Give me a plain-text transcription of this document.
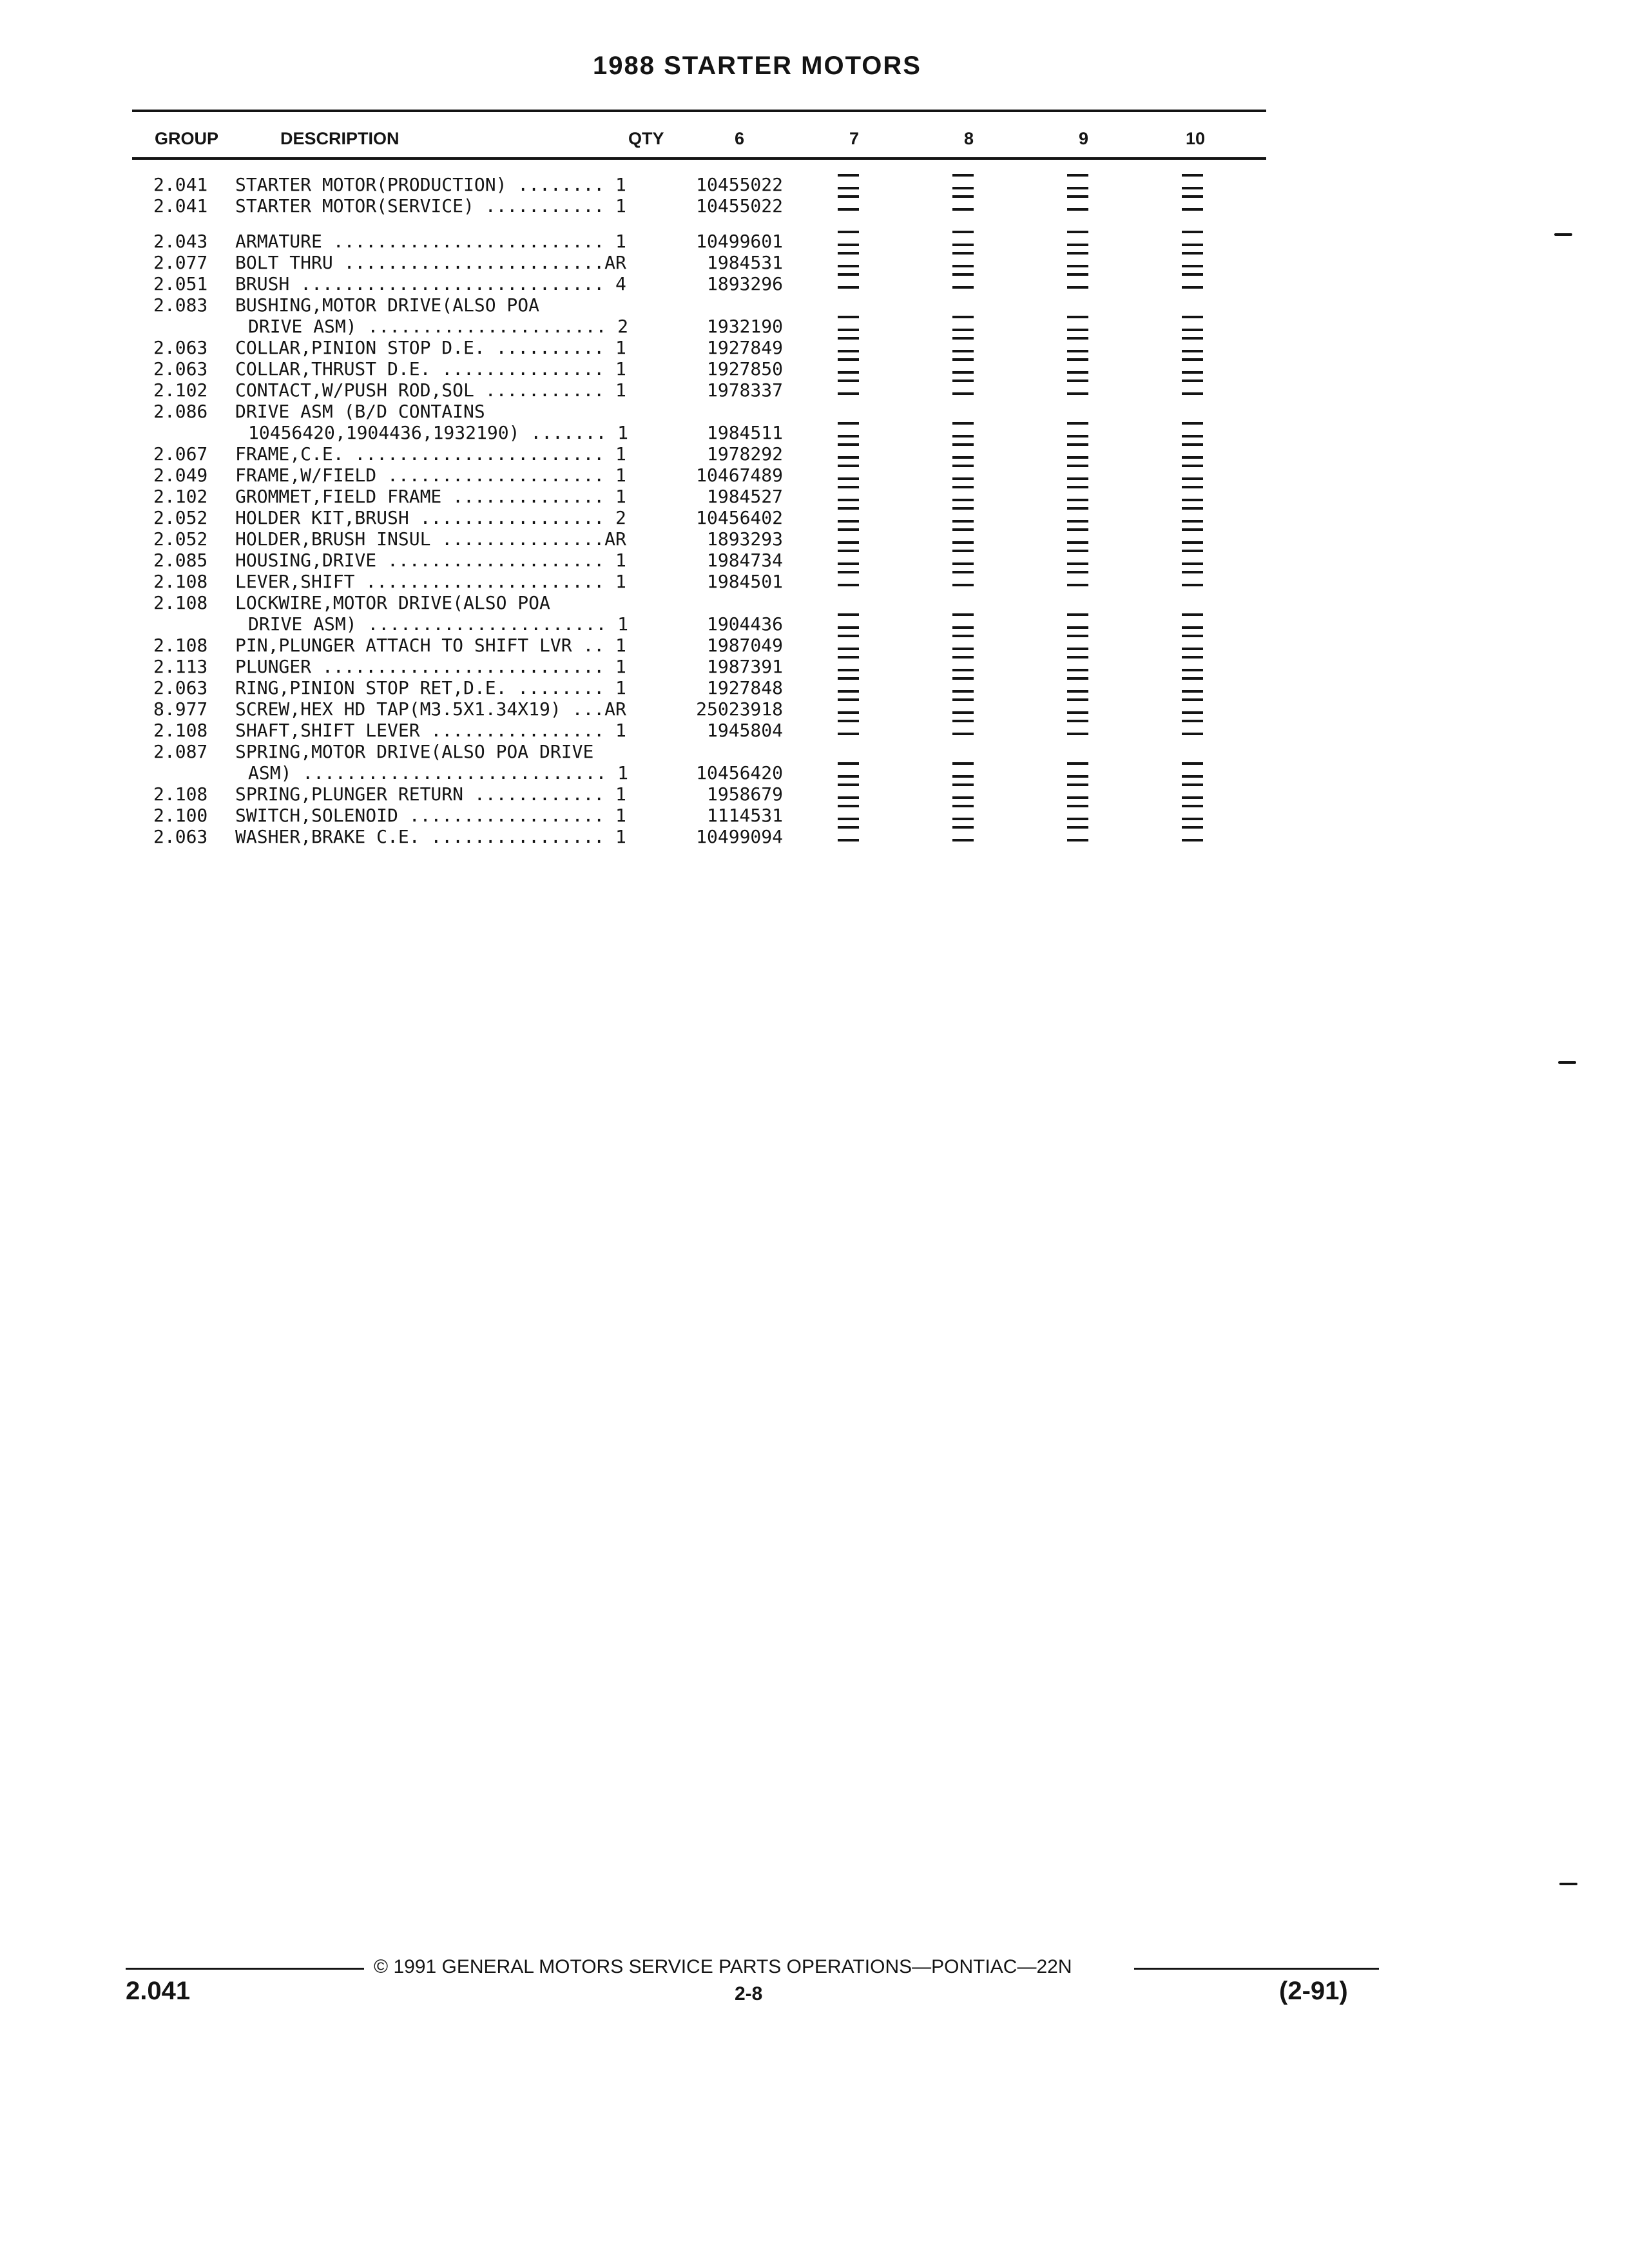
1988 STARTER MOTORS
GROUP	DESCRIPTION	QTY	6	7	8	9	10
2.041 STARTER MOTOR(PRODUCTION) ........ 1	10455022
2.041 STARTER MOTOR(SERVICE) ........... 1	10455022
2.043 ARMATURE ......................... 1	10499601
2.077 BOLT THRU ........................AR	1984531
2.051 BRUSH ............................ 4	1893296
2.083 BUSHING,MOTOR DRIVE(ALSO POA
DRIVE ASM) ...................... 2	1932190
2.063 COLLAR,PINION STOP D.E. .......... 1	1927849
2.063 COLLAR,THRUST D.E. ............... 1	1927850
2.102 CONTACT,W/PUSH ROD,SOL ........... 1	1978337
2.086 DRIVE ASM (B/D CONTAINS
10456420,1904436,1932190) ....... 1	1984511
2.067 FRAME,C.E. ....................... 1	1978292
2.049 FRAME,W/FIELD .................... 1	10467489
2.102 GROMMET,FIELD FRAME .............. 1	1984527
2.052 HOLDER KIT,BRUSH ................. 2	10456402
2.052 HOLDER,BRUSH INSUL ...............AR	1893293
2.085 HOUSING,DRIVE .................... 1	1984734
2.108 LEVER,SHIFT ...................... 1	1984501
2.108 LOCKWIRE,MOTOR DRIVE(ALSO POA
DRIVE ASM) ...................... 1	1904436
2.108 PIN,PLUNGER ATTACH TO SHIFT LVR .. 1	1987049
2.113 PLUNGER .......................... 1	1987391
2.063 RING,PINION STOP RET,D.E. ........ 1	1927848
8.977 SCREW,HEX HD TAP(M3.5X1.34X19) ...AR	25023918
2.108 SHAFT,SHIFT LEVER ................ 1	1945804
2.087 SPRING,MOTOR DRIVE(ALSO POA DRIVE
ASM) ............................ 1	10456420
2.108 SPRING,PLUNGER RETURN ............ 1	1958679
2.100 SWITCH,SOLENOID .................. 1	1114531
2.063 WASHER,BRAKE C.E. ................ 1	10499094
© 1991 GENERAL MOTORS SERVICE PARTS OPERATIONS—PONTIAC—22N
2.041	2-8	(2-91)
